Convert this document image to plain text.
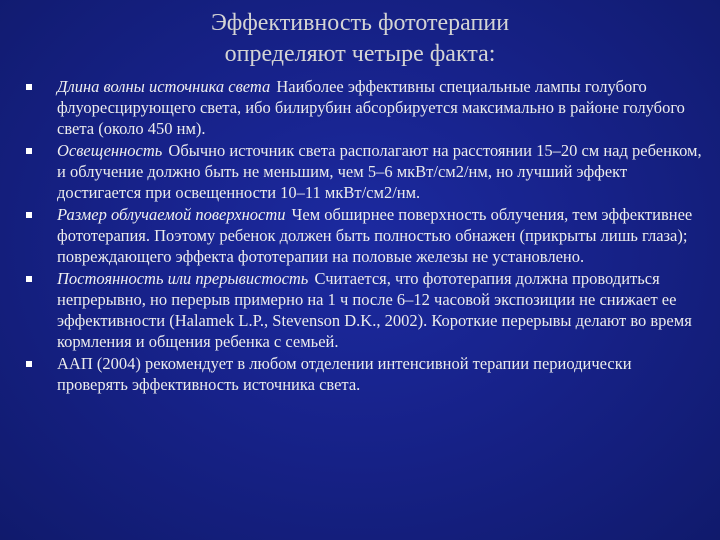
Эффективность фототерапии
определяют четыре факта:
Длина волны источника света Наиболее эффективны специальные лампы голубого флуоресцирующего света, ибо билирубин абсорбируется максимально в районе голубого света (около 450 нм).
Освещенность Обычно источник света располагают на расстоянии 15–20 см над ребенком, и облучение должно быть не меньшим, чем 5–6 мкВт/см2/нм, но лучший эффект достигается при освещенности 10–11 мкВт/см2/нм.
Размер облучаемой поверхности Чем обширнее поверхность облучения, тем эффективнее фототерапия. Поэтому ребенок должен быть полностью обнажен (прикрыты лишь глаза); повреждающего эффекта фототерапии на половые железы не установлено.
Постоянность или прерывистость Считается, что фототерапия должна проводиться непрерывно, но перерыв примерно на 1 ч после 6–12 часовой экспозиции не снижает ее эффективности (Halamek L.P., Stevenson D.K., 2002). Короткие перерывы делают во время кормления и общения ребенка с семьей.
ААП (2004) рекомендует в любом отделении интенсивной терапии периодически проверять эффективность источника света.
